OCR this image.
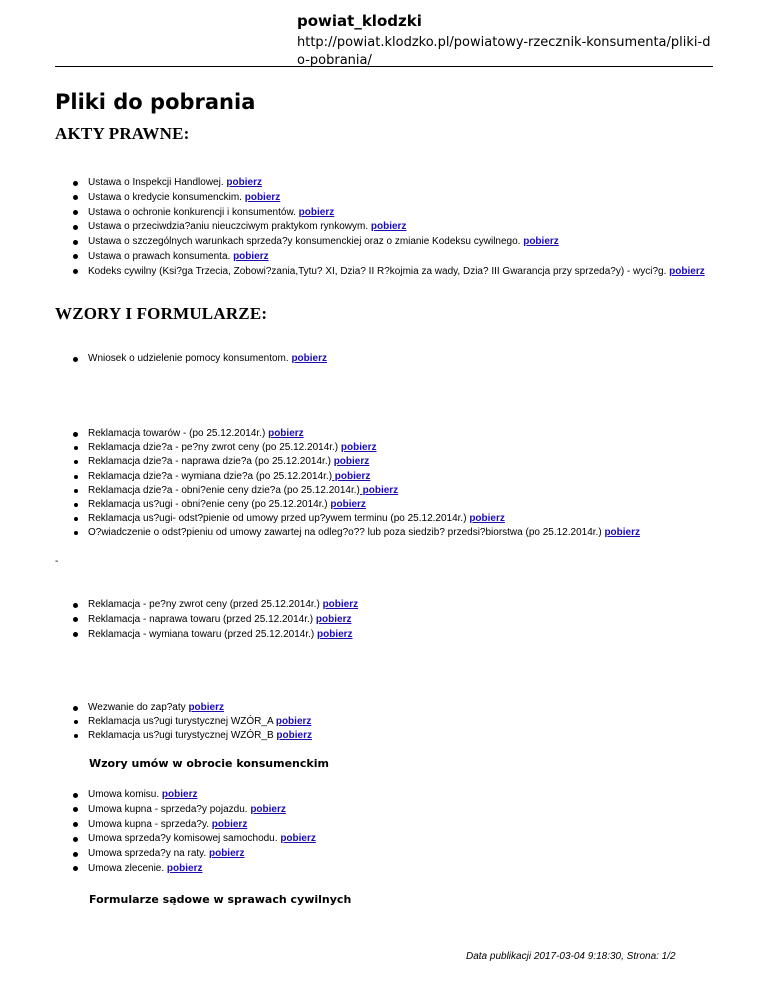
powiat_klodzki
http://powiat.klodzko.pl/powiatowy-rzecznik-konsumenta/pliki-do-pobrania/
Pliki do pobrania
AKTY PRAWNE:
Ustawa o Inspekcji Handlowej. pobierz
Ustawa o kredycie konsumenckim. pobierz
Ustawa o ochronie konkurencji i konsumentów. pobierz
Ustawa o przeciwdzia?aniu nieuczciwym praktykom rynkowym. pobierz
Ustawa o szczególnych warunkach sprzeda?y konsumenckiej oraz o zmianie Kodeksu cywilnego. pobierz
Ustawa o prawach konsumenta. pobierz
Kodeks cywilny (Ksi?ga Trzecia, Zobowi?zania,Tytu? XI, Dzia? II R?kojmia za wady, Dzia? III Gwarancja przy sprzeda?y) - wyci?g. pobierz
WZORY I FORMULARZE:
Wniosek o udzielenie pomocy konsumentom. pobierz
Reklamacja towarów - (po 25.12.2014r.) pobierz
Reklamacja dzie?a - pe?ny zwrot ceny (po 25.12.2014r.) pobierz
Reklamacja dzie?a - naprawa dzie?a (po 25.12.2014r.) pobierz
Reklamacja dzie?a - wymiana dzie?a (po 25.12.2014r.) pobierz
Reklamacja dzie?a - obni?enie ceny dzie?a (po 25.12.2014r.) pobierz
Reklamacja us?ugi - obni?enie ceny (po 25.12.2014r.) pobierz
Reklamacja us?ugi- odst?pienie od umowy przed up?ywem terminu (po 25.12.2014r.) pobierz
O?wiadczenie o odst?pieniu od umowy zawartej na odleg?o?? lub poza siedzib? przedsi?biorstwa (po 25.12.2014r.) pobierz
-
Reklamacja - pe?ny zwrot ceny (przed 25.12.2014r.) pobierz
Reklamacja - naprawa towaru (przed 25.12.2014r.) pobierz
Reklamacja - wymiana towaru (przed 25.12.2014r.) pobierz
Wezwanie do zap?aty pobierz
Reklamacja us?ugi turystycznej WZÓR_A pobierz
Reklamacja us?ugi turystycznej WZÓR_B pobierz
Wzory umów w obrocie konsumenckim
Umowa komisu. pobierz
Umowa kupna - sprzeda?y pojazdu. pobierz
Umowa kupna - sprzeda?y. pobierz
Umowa sprzeda?y komisowej samochodu. pobierz
Umowa sprzeda?y na raty. pobierz
Umowa zlecenie. pobierz
Formularze sądowe w sprawach cywilnych
Data publikacji 2017-03-04 9:18:30, Strona: 1/2
